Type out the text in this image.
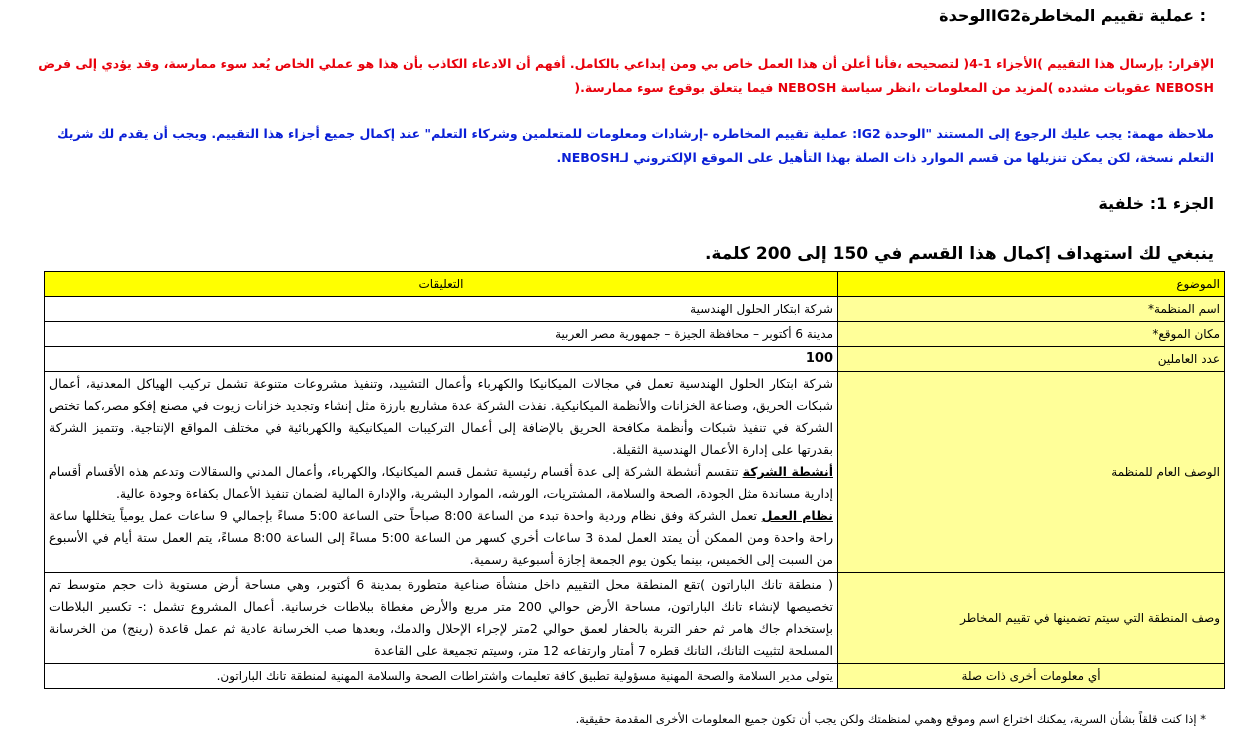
: عملية تقييم المخاطرةIG2الوحدة
الإقرار: بإرسال هذا التقييم )الأجزاء 1-4( لتصحيحه ،فأنا أعلن أن هذا العمل خاص بي ومن إبداعي بالكامل. أفهم أن الادعاء الكاذب بأن هذا هو عملي الخاص يُعد سوء ممارسة، وقد يؤدي إلى فرض NEBOSH عقوبات مشدده )لمزيد من المعلومات ،انظر سياسة NEBOSH فيما يتعلق بوقوع سوء ممارسة.(
ملاحظة مهمة: يجب عليك الرجوع إلى المستند "الوحدة IG2: عملية تقييم المخاطره -إرشادات ومعلومات للمتعلمين وشركاء التعلم" عند إكمال جميع أجزاء هذا التقييم. ويجب أن يقدم لك شريك التعلم نسخة، لكن يمكن تنزيلها من قسم الموارد ذات الصلة بهذا التأهيل على الموقع الإلكتروني لـNEBOSH.
الجزء 1: خلفية
ينبغي لك استهداف إكمال هذا القسم في 150 إلى 200 كلمة.
الموضوع	التعليقات
اسم المنظمة*	شركة ابتكار الحلول الهندسية
مكان الموقع*	مدينة 6 أكتوبر – محافظة الجيزة – جمهورية مصر العربية
عدد العاملين	100
الوصف العام للمنظمة	شركة ابتكار الحلول الهندسية تعمل في مجالات الميكانيكا والكهرباء وأعمال التشييد، وتنفيذ مشروعات متنوعة تشمل تركيب الهياكل المعدنية، أعمال شبكات الحريق، وصناعة الخزانات والأنظمة الميكانيكية. نفذت الشركة عدة مشاريع بارزة مثل إنشاء وتجديد خزانات زيوت في مصنع إفكو مصر،كما تختص الشركة في تنفيذ شبكات وأنظمة مكافحة الحريق بالإضافة إلى أعمال التركيبات الميكانيكية والكهربائية في مختلف المواقع الإنتاجية. وتتميز الشركة بقدرتها على إدارة الأعمال الهندسية الثقيلة.
أنشطة الشركة تنقسم أنشطة الشركة إلى عدة أقسام رئيسية تشمل قسم الميكانيكا، والكهرباء، وأعمال المدني والسقالات وتدعم هذه الأقسام أقسام إدارية مساندة مثل الجودة، الصحة والسلامة، المشتريات، الورشه، الموارد البشرية، والإدارة المالية لضمان تنفيذ الأعمال بكفاءة وجودة عالية.
نظام العمل تعمل الشركة وفق نظام وردية واحدة تبدء من الساعة 8:00 صباحاً حتى الساعة 5:00 مساءً بإجمالي 9 ساعات عمل يومياً يتخللها ساعة راحة واحدة ومن الممكن أن يمتد العمل لمدة 3 ساعات أخري كسهر من الساعة 5:00 مساءً إلى الساعة 8:00 مساءً، يتم العمل ستة أيام في الأسبوع من السبت إلى الخميس، بينما يكون يوم الجمعة إجازة أسبوعية رسمية.

وصف المنطقة التي سيتم تضمينها في تقييم المخاطر	( منطقة تانك الباراتون )تقع المنطقة محل التقييم داخل منشأة صناعية متطورة بمدينة 6 أكتوبر، وهي مساحة أرض مستوية ذات حجم متوسط تم تخصيصها لإنشاء تانك الباراتون، مساحة الأرض حوالي 200 متر مربع والأرض مغطاة ببلاطات خرسانية. أعمال المشروع تشمل :- تكسير البلاطات بإستخدام جاك هامر ثم حفر التربة بالحفار لعمق حوالي 2متر لإجراء الإحلال والدمك، وبعدها صب الخرسانة عادية ثم عمل قاعدة (رينج) من الخرسانة المسلحة لتثبيت التانك، التانك قطره 7 أمتار وارتفاعه 12 متر، وسيتم تجميعة على القاعدة
أي معلومات أخرى ذات صلة	يتولى مدير السلامة والصحة المهنية مسؤولية تطبيق كافة تعليمات واشتراطات الصحة والسلامة المهنية لمنطقة تانك الباراتون.
* إذا كنت قلقاً بشأن السرية، يمكنك اختراع اسم وموقع وهمي لمنظمتك ولكن يجب أن تكون جميع المعلومات الأخرى المقدمة حقيقية.
